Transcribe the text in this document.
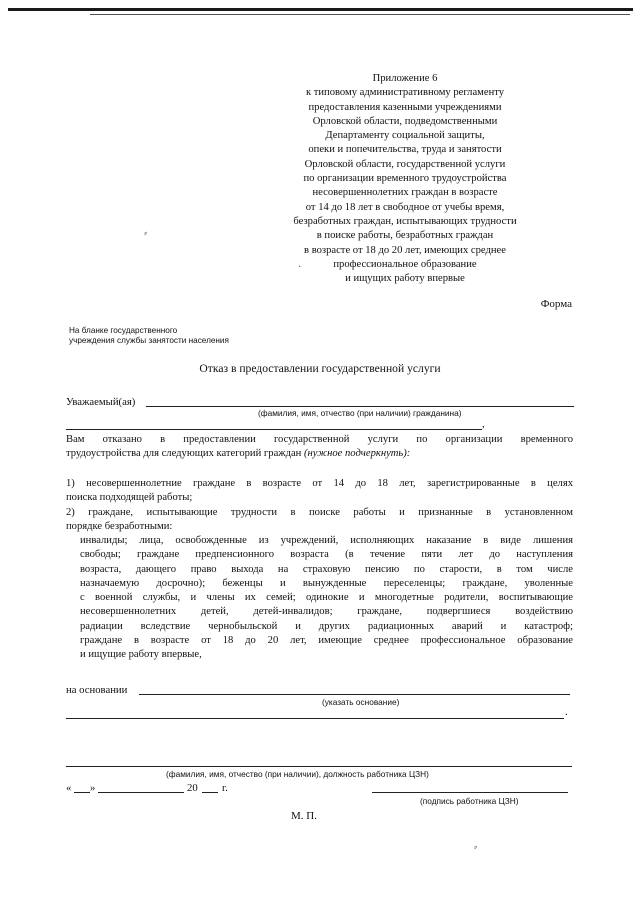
Приложение 6
к типовому административному регламенту
предоставления казенными учреждениями
Орловской области, подведомственными
Департаменту социальной защиты,
опеки и попечительства, труда и занятости
Орловской области, государственной услуги
по организации временного трудоустройства
несовершеннолетних граждан в возрасте
от 14 до 18 лет в свободное от учебы время,
безработных граждан, испытывающих трудности
в поиске работы, безработных граждан
в возрасте от 18 до 20 лет, имеющих среднее
профессиональное образование
и ищущих работу впервые
Форма
На бланке государственного
учреждения службы занятости населения
Отказ в предоставлении государственной услуги
Уважаемый(ая)
(фамилия, имя, отчество (при наличии) гражданина)
,
Вам отказано в предоставлении государственной услуги по организации временного
трудоустройства для следующих категорий граждан (нужное подчеркнуть):
1) несовершеннолетние граждане в возрасте от 14 до 18 лет, зарегистрированные в целях
поиска подходящей работы;
2) граждане, испытывающие трудности в поиске работы и признанные в установленном
порядке безработными:
инвалиды; лица, освобожденные из учреждений, исполняющих наказание в виде лишения
свободы; граждане предпенсионного возраста (в течение пяти лет до наступления
возраста, дающего право выхода на страховую пенсию по старости, в том числе
назначаемую досрочно); беженцы и вынужденные переселенцы; граждане, уволенные
с военной службы, и члены их семей; одинокие и многодетные родители, воспитывающие
несовершеннолетних детей, детей-инвалидов; граждане, подвергшиеся воздействию
радиации вследствие чернобыльской и других радиационных аварий и катастроф;
граждане в возрасте от 18 до 20 лет, имеющие среднее профессиональное образование
и ищущие работу впервые,
на основании
(указать основание)
.
(фамилия, имя, отчество (при наличии), должность работника ЦЗН)
« »	20 г.
(подпись работника ЦЗН)
М. П.
⸗
·
⸗
